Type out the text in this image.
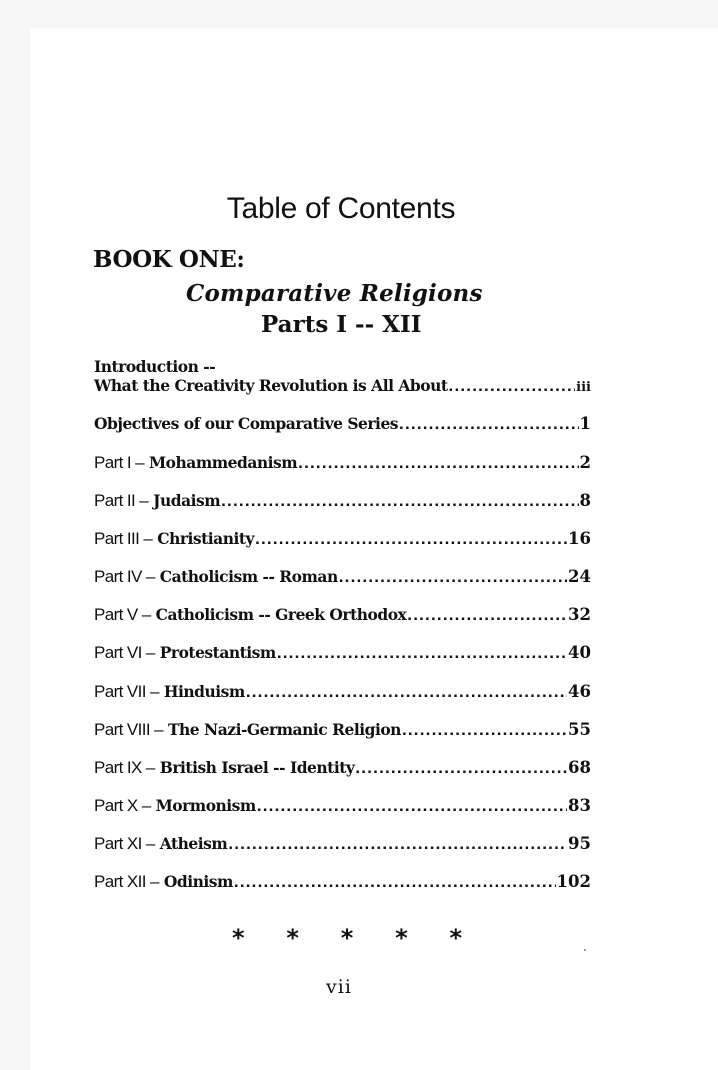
Table of Contents
BOOK ONE:
Comparative Religions
Parts I -- XII
Introduction --
What the Creativity Revolution is All About .....	iii
Objectives of our Comparative Series .....	1
Part I – Mohammedanism .....	2
Part II – Judaism .....	8
Part III – Christianity .....	16
Part IV – Catholicism -- Roman .....	24
Part V – Catholicism -- Greek Orthodox .....	32
Part VI – Protestantism .....	40
Part VII – Hinduism .....	46
Part VIII – The Nazi-Germanic Religion .....	55
Part IX – British Israel -- Identity .....	68
Part X – Mormonism .....	83
Part XI – Atheism .....	95
Part XII – Odinism .....	102
* * * * *
vii
